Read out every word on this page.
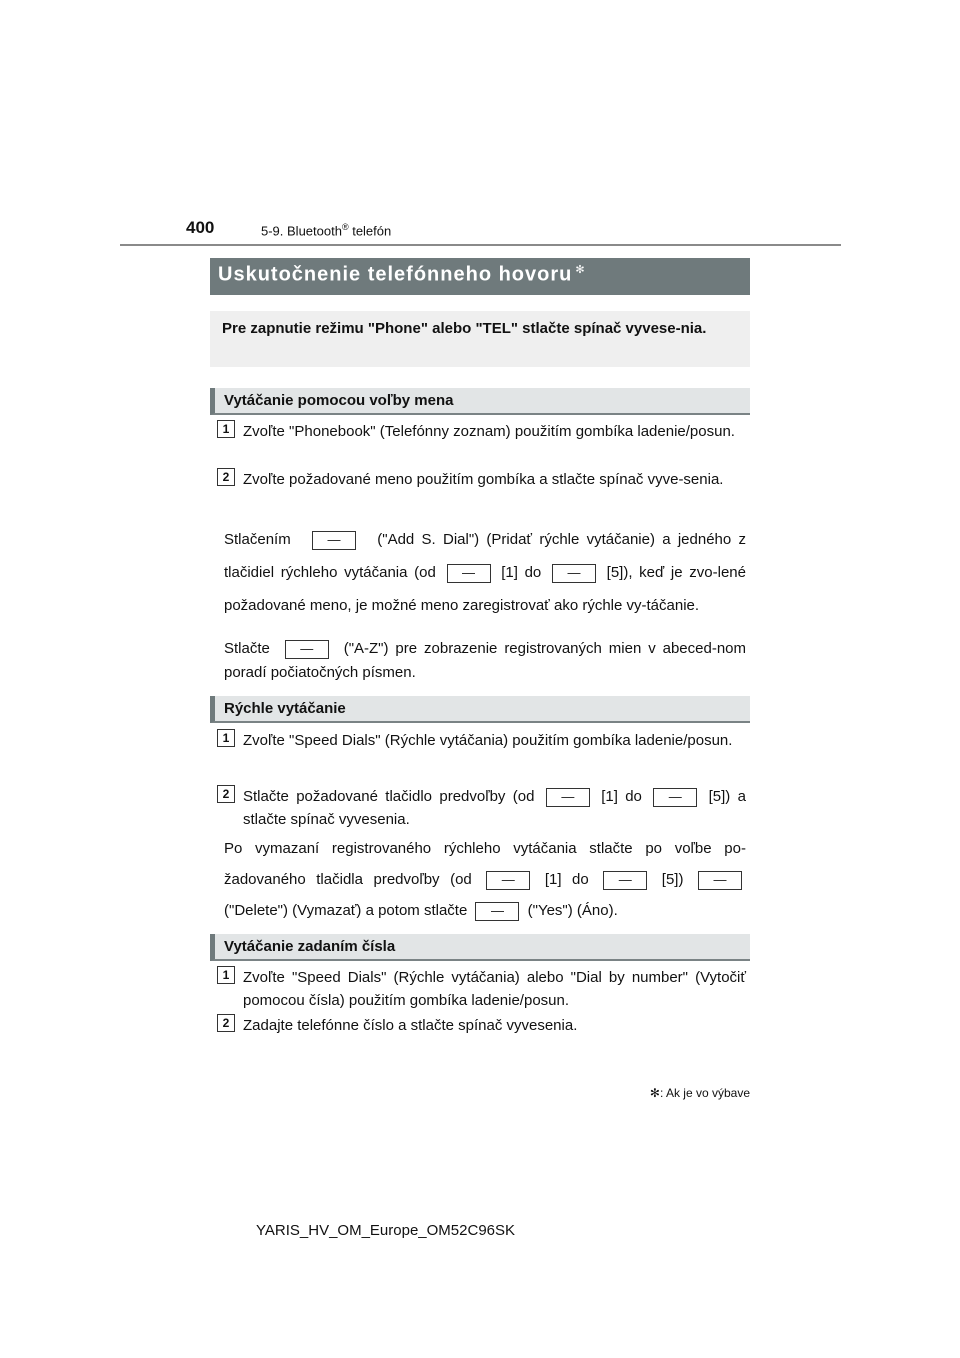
400	5-9. Bluetooth® telefón
Uskutočnenie telefónneho hovoru ✻
Pre zapnutie režimu "Phone" alebo "TEL" stlačte spínač vyvese-nia.
Vytáčanie pomocou voľby mena
1 Zvoľte "Phonebook" (Telefónny zoznam) použitím gombíka ladenie/posun.
2 Zvoľte požadované meno použitím gombíka a stlačte spínač vyve-senia.
Stlačením	— ("Add S. Dial") (Pridať rýchle vytáčanie) a jedného z tlačidiel rýchleho vytáčania (od — [1] do — [5]), keď je zvo-lené požadované meno, je možné meno zaregistrovať ako rýchle vy-táčanie.
Stlačte — ("A-Z") pre zobrazenie registrovaných mien v abeced-nom poradí počiatočných písmen.
Rýchle vytáčanie
1 Zvoľte "Speed Dials" (Rýchle vytáčania) použitím gombíka ladenie/posun.
2 Stlačte požadované tlačidlo predvoľby (od — [1] do — [5]) a stlačte spínač vyvesenia.
Po vymazaní registrovaného rýchleho vytáčania stlačte po voľbe po-žadovaného tlačidla predvoľby (od — [1] do — [5]) — ("Delete") (Vymazať) a potom stlačte — ("Yes") (Áno).
Vytáčanie zadaním čísla
1 Zvoľte "Speed Dials" (Rýchle vytáčania) alebo "Dial by number" (Vytočiť pomocou čísla) použitím gombíka ladenie/posun.
2 Zadajte telefónne číslo a stlačte spínač vyvesenia.
✻: Ak je vo výbave
YARIS_HV_OM_Europe_OM52C96SK
